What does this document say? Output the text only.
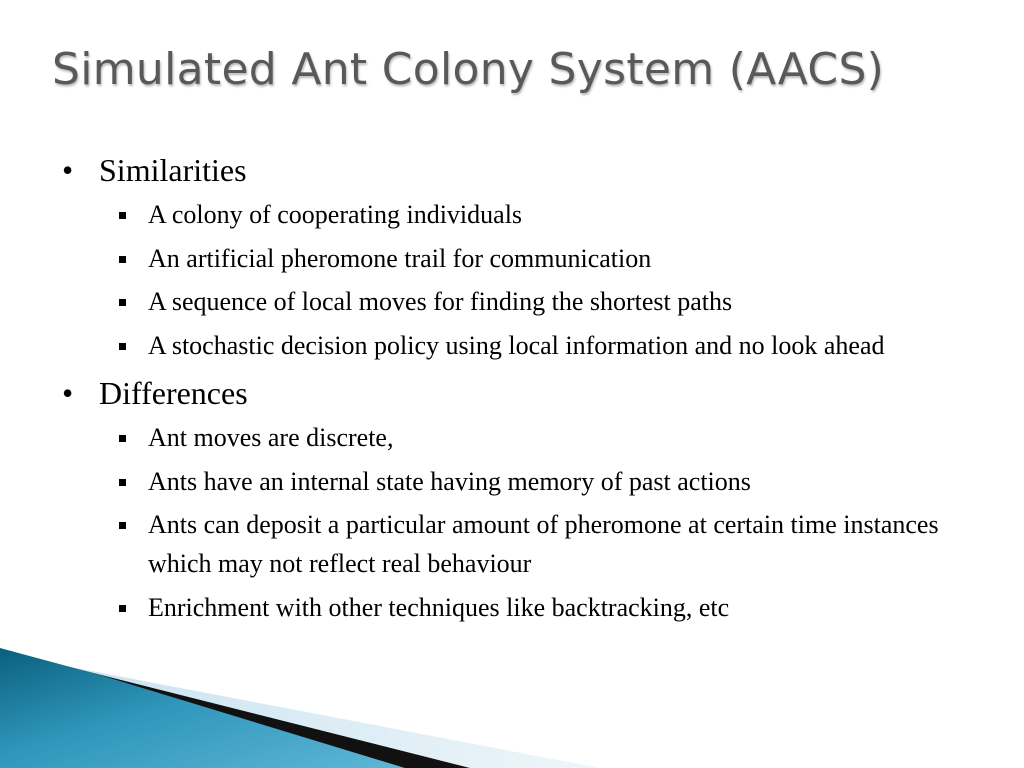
Simulated Ant Colony System (AACS)
• Similarities
A colony of cooperating individuals
An artificial pheromone trail for communication
A sequence of local moves for finding the shortest paths
A stochastic decision policy using local information and no look ahead
• Differences
Ant moves are discrete,
Ants have an internal state having memory of past actions
Ants can deposit a particular amount of pheromone at certain time instances which may not reflect real behaviour
Enrichment with other techniques like backtracking, etc
